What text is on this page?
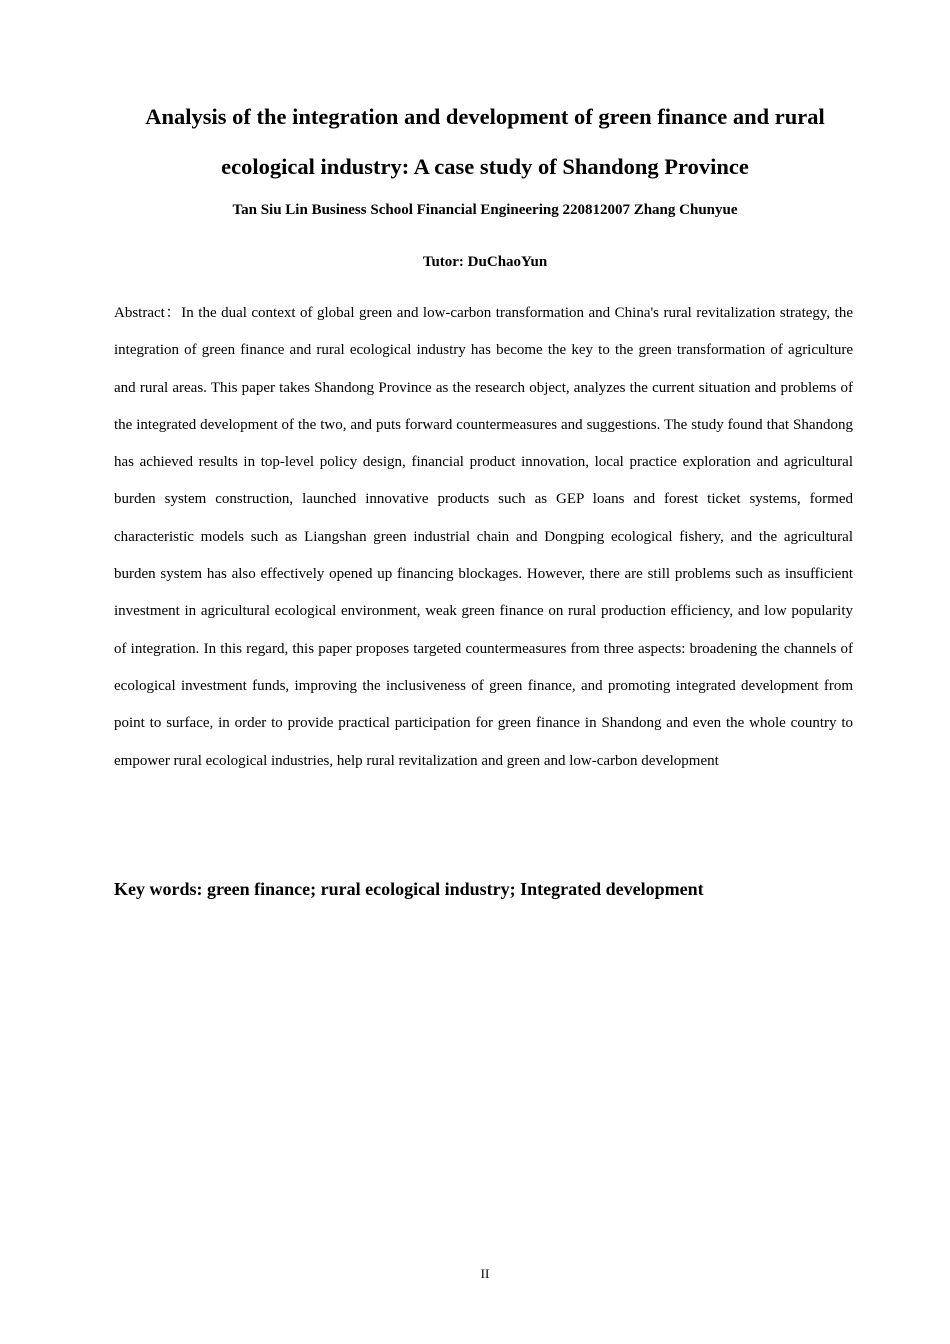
Analysis of the integration and development of green finance and rural ecological industry: A case study of Shandong Province

Tan Siu Lin Business School Financial Engineering 220812007 Zhang Chunyue

Tutor: DuChaoYun

Abstract：In the dual context of global green and low-carbon transformation and China's rural revitalization strategy, the integration of green finance and rural ecological industry has become the key to the green transformation of agriculture and rural areas. This paper takes Shandong Province as the research object, analyzes the current situation and problems of the integrated development of the two, and puts forward countermeasures and suggestions. The study found that Shandong has achieved results in top-level policy design, financial product innovation, local practice exploration and agricultural burden system construction, launched innovative products such as GEP loans and forest ticket systems, formed characteristic models such as Liangshan green industrial chain and Dongping ecological fishery, and the agricultural burden system has also effectively opened up financing blockages. However, there are still problems such as insufficient investment in agricultural ecological environment, weak green finance on rural production efficiency, and low popularity of integration. In this regard, this paper proposes targeted countermeasures from three aspects: broadening the channels of ecological investment funds, improving the inclusiveness of green finance, and promoting integrated development from point to surface, in order to provide practical participation for green finance in Shandong and even the whole country to empower rural ecological industries, help rural revitalization and green and low-carbon development

Key words: green finance; rural ecological industry; Integrated development

II
